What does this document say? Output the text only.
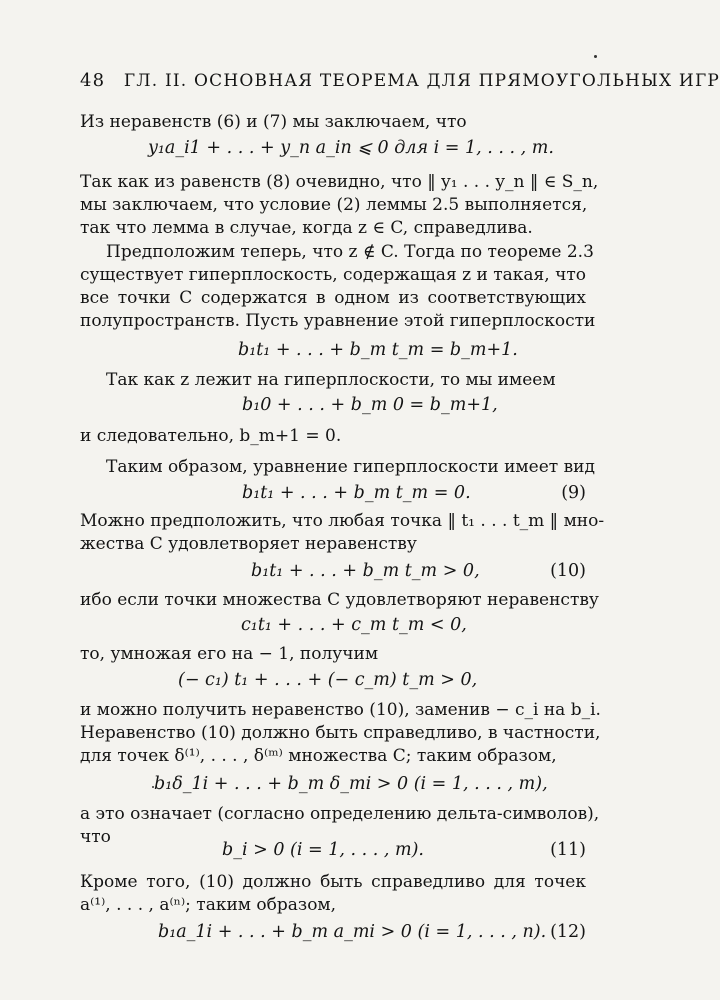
48 ГЛ. II. ОСНОВНАЯ ТЕОРЕМА ДЛЯ ПРЯМОУГОЛЬНЫХ ИГР
Из неравенств (6) и (7) мы заключаем, что
y₁a_i1 + . . . + y_n a_in ⩽ 0 для i = 1, . . . , m.
Так как из равенств (8) очевидно, что ‖ y₁ . . . y_n ‖ ∈ S_n,
мы заключаем, что условие (2) леммы 2.5 выполняется,
так что лемма в случае, когда z ∈ C, справедлива.
Предположим теперь, что z ∉ C. Тогда по теореме 2.3
существует гиперплоскость, содержащая z и такая, что
все точки C содержатся в одном из соответствующих
полупространств. Пусть уравнение этой гиперплоскости
b₁t₁ + . . . + b_m t_m = b_m+1.
Так как z лежит на гиперплоскости, то мы имеем
b₁0 + . . . + b_m 0 = b_m+1,
и следовательно, b_m+1 = 0.
Таким образом, уравнение гиперплоскости имеет вид
b₁t₁ + . . . + b_m t_m = 0.	(9)
Можно предположить, что любая точка ‖ t₁ . . . t_m ‖ мно-
жества C удовлетворяет неравенству
b₁t₁ + . . . + b_m t_m > 0,	(10)
ибо если точки множества C удовлетворяют неравенству
c₁t₁ + . . . + c_m t_m < 0,
то, умножая его на − 1, получим
(− c₁) t₁ + . . . + (− c_m) t_m > 0,
и можно получить неравенство (10), заменив − c_i на b_i.
Неравенство (10) должно быть справедливо, в частности,
для точек δ⁽¹⁾, . . . , δ⁽ᵐ⁾ множества C; таким образом,
b₁δ_1i + . . . + b_m δ_mi > 0 (i = 1, . . . , m),
а это означает (согласно определению дельта-символов),
что
b_i > 0 (i = 1, . . . , m).	(11)
Кроме того, (10) должно быть справедливо для точек
a⁽¹⁾, . . . , a⁽ⁿ⁾; таким образом,
b₁a_1i + . . . + b_m a_mi > 0 (i = 1, . . . , n). (12)
